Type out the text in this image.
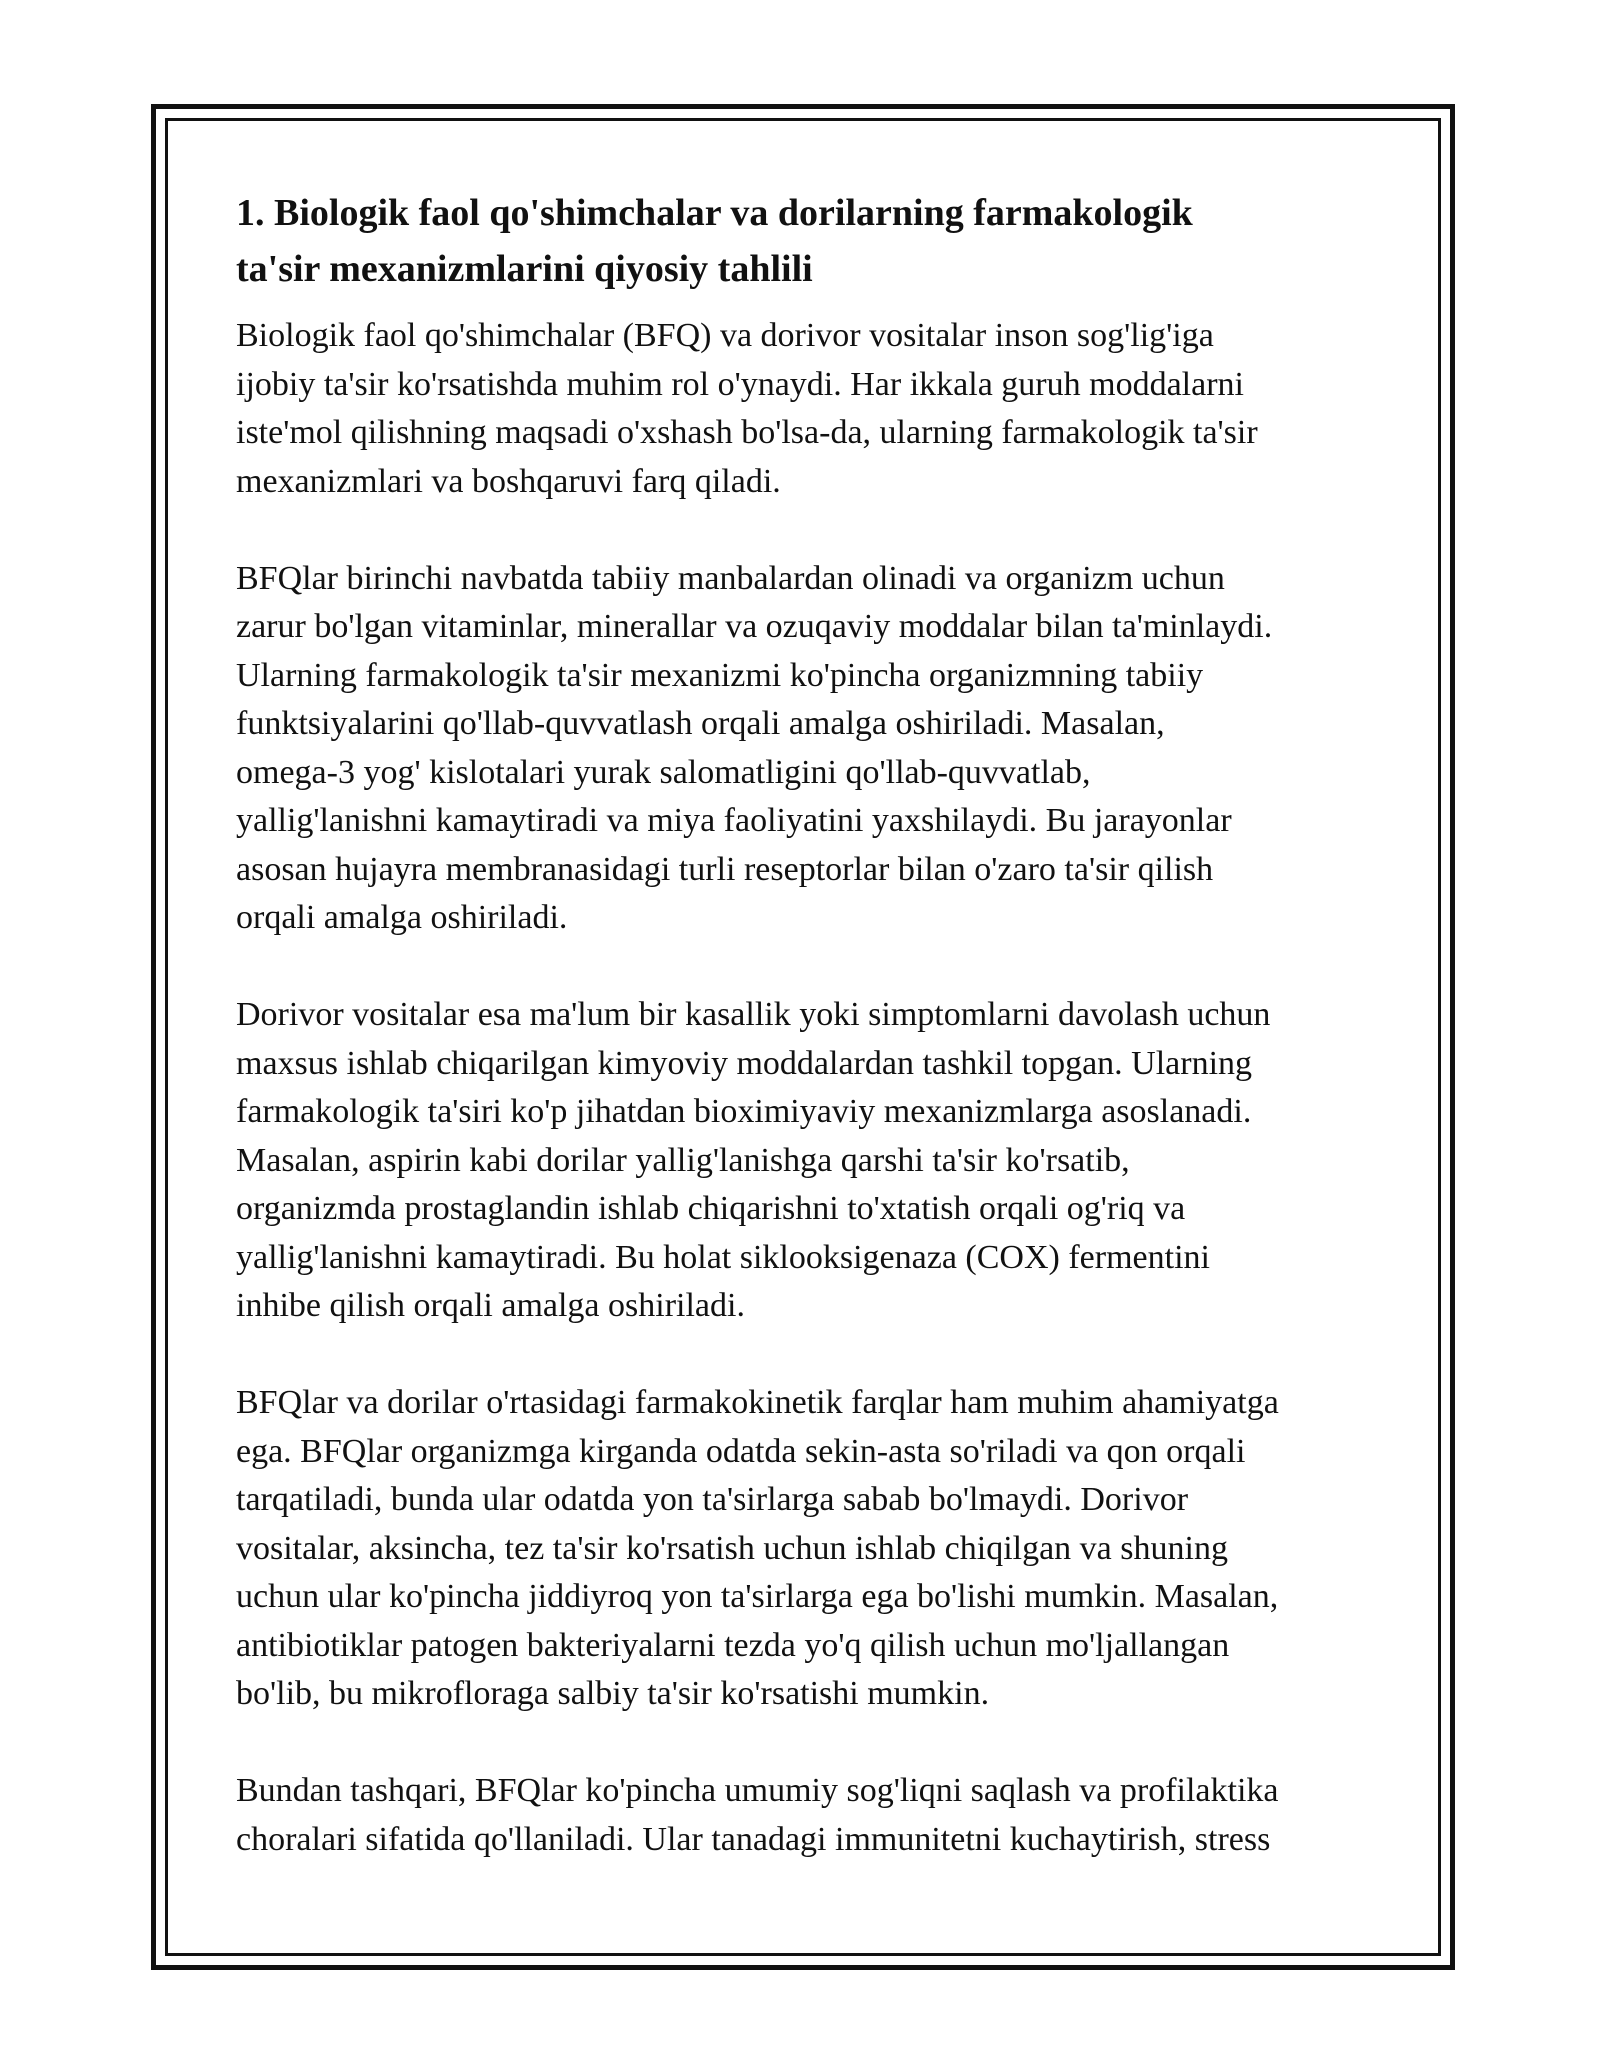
1. Biologik faol qo'shimchalar va dorilarning farmakologik
ta'sir mexanizmlarini qiyosiy tahlili

Biologik faol qo'shimchalar (BFQ) va dorivor vositalar inson sog'lig'iga
ijobiy ta'sir ko'rsatishda muhim rol o'ynaydi. Har ikkala guruh moddalarni
iste'mol qilishning maqsadi o'xshash bo'lsa-da, ularning farmakologik ta'sir
mexanizmlari va boshqaruvi farq qiladi.

BFQlar birinchi navbatda tabiiy manbalardan olinadi va organizm uchun
zarur bo'lgan vitaminlar, minerallar va ozuqaviy moddalar bilan ta'minlaydi.
Ularning farmakologik ta'sir mexanizmi ko'pincha organizmning tabiiy
funktsiyalarini qo'llab-quvvatlash orqali amalga oshiriladi. Masalan,
omega-3 yog' kislotalari yurak salomatligini qo'llab-quvvatlab,
yallig'lanishni kamaytiradi va miya faoliyatini yaxshilaydi. Bu jarayonlar
asosan hujayra membranasidagi turli reseptorlar bilan o'zaro ta'sir qilish
orqali amalga oshiriladi.

Dorivor vositalar esa ma'lum bir kasallik yoki simptomlarni davolash uchun
maxsus ishlab chiqarilgan kimyoviy moddalardan tashkil topgan. Ularning
farmakologik ta'siri ko'p jihatdan bioximiyaviy mexanizmlarga asoslanadi.
Masalan, aspirin kabi dorilar yallig'lanishga qarshi ta'sir ko'rsatib,
organizmda prostaglandin ishlab chiqarishni to'xtatish orqali og'riq va
yallig'lanishni kamaytiradi. Bu holat siklooksigenaza (COX) fermentini
inhibe qilish orqali amalga oshiriladi.

BFQlar va dorilar o'rtasidagi farmakokinetik farqlar ham muhim ahamiyatga
ega. BFQlar organizmga kirganda odatda sekin-asta so'riladi va qon orqali
tarqatiladi, bunda ular odatda yon ta'sirlarga sabab bo'lmaydi. Dorivor
vositalar, aksincha, tez ta'sir ko'rsatish uchun ishlab chiqilgan va shuning
uchun ular ko'pincha jiddiyroq yon ta'sirlarga ega bo'lishi mumkin. Masalan,
antibiotiklar patogen bakteriyalarni tezda yo'q qilish uchun mo'ljallangan
bo'lib, bu mikrofloraga salbiy ta'sir ko'rsatishi mumkin.

Bundan tashqari, BFQlar ko'pincha umumiy sog'liqni saqlash va profilaktika
choralari sifatida qo'llaniladi. Ular tanadagi immunitetni kuchaytirish, stress
